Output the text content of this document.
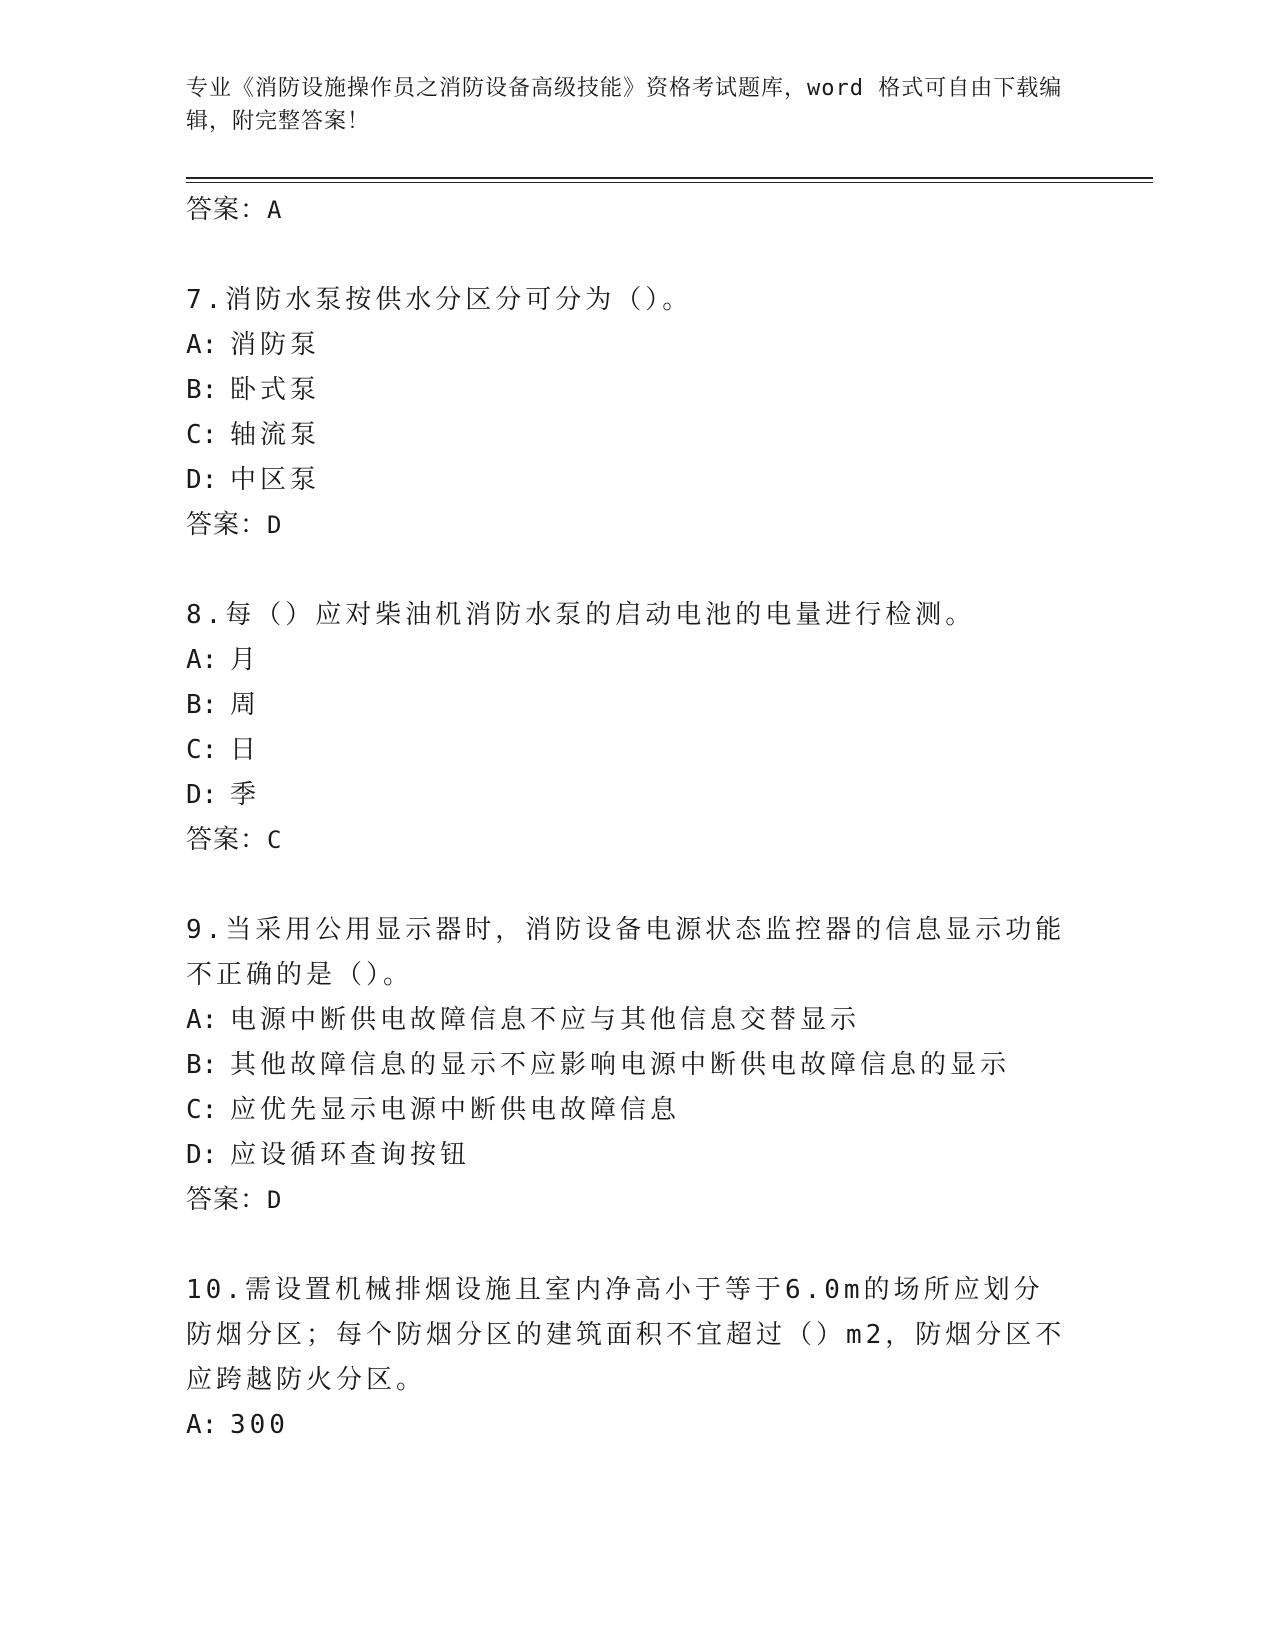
专业《消防设施操作员之消防设备高级技能》资格考试题库，word 格式可自由下载编辑，附完整答案！

答案：A

7.消防水泵按供水分区分可分为（）。

A: 消防泵

B: 卧式泵

C: 轴流泵

D: 中区泵

答案：D

8.每（）应对柴油机消防水泵的启动电池的电量进行检测。

A: 月

B: 周

C: 日

D: 季

答案：C

9.当采用公用显示器时，消防设备电源状态监控器的信息显示功能不正确的是（）。

A: 电源中断供电故障信息不应与其他信息交替显示

B: 其他故障信息的显示不应影响电源中断供电故障信息的显示

C: 应优先显示电源中断供电故障信息

D: 应设循环查询按钮

答案：D

10.需设置机械排烟设施且室内净高小于等于6.0m的场所应划分防烟分区；每个防烟分区的建筑面积不宜超过（）m2，防烟分区不应跨越防火分区。

A: 300
